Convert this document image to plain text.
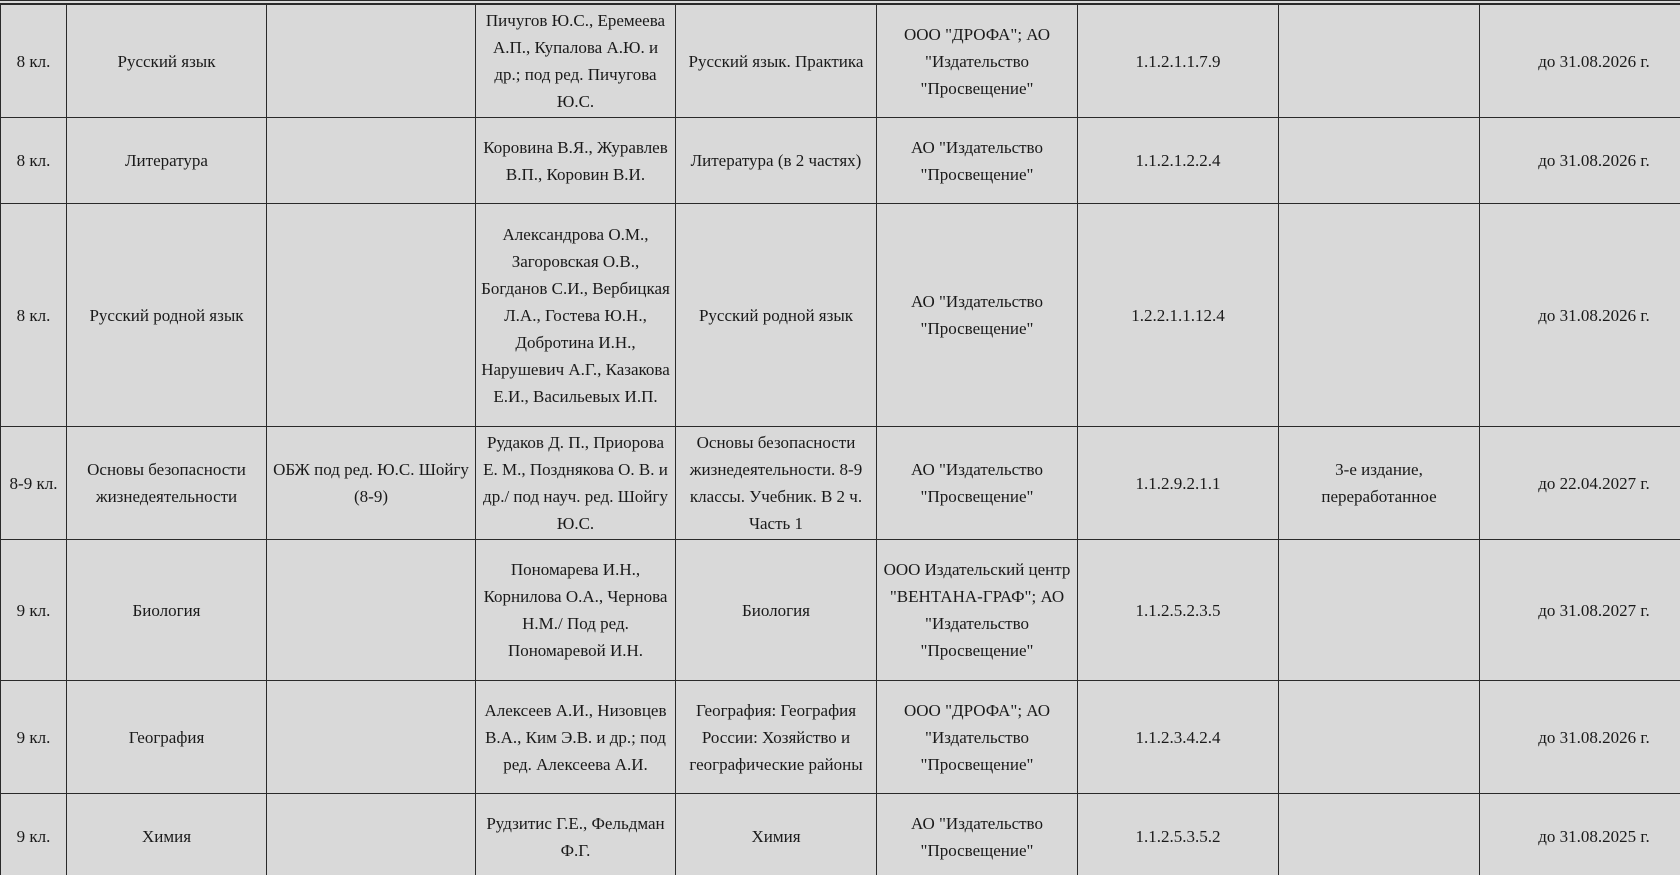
8 кл.	Русский язык		Пичугов Ю.С., Еремеева А.П., Купалова А.Ю. и др.; под ред. Пичугова Ю.С.	Русский язык. Практика	ООО "ДРОФА"; АО "Издательство "Просвещение"	1.1.2.1.1.7.9		до 31.08.2026 г.
8 кл.	Литература		Коровина В.Я., Журавлев В.П., Коровин В.И.	Литература (в 2 частях)	АО "Издательство "Просвещение"	1.1.2.1.2.2.4		до 31.08.2026 г.
8 кл.	Русский родной язык		Александрова О.М., Загоровская О.В., Богданов С.И., Вербицкая Л.А., Гостева Ю.Н., Добротина И.Н., Нарушевич А.Г., Казакова Е.И., Васильевых И.П.	Русский родной язык	АО "Издательство "Просвещение"	1.2.2.1.1.12.4		до 31.08.2026 г.
8-9 кл.	Основы безопасности жизнедеятельности	ОБЖ под ред. Ю.С. Шойгу (8-9)	Рудаков Д. П., Приорова Е. М., Позднякова О. В. и др./ под науч. ред. Шойгу Ю.С.	Основы безопасности жизнедеятельности. 8-9 классы. Учебник. В 2 ч. Часть 1	АО "Издательство "Просвещение"	1.1.2.9.2.1.1	3-е издание, переработанное	до 22.04.2027 г.
9 кл.	Биология		Пономарева И.Н., Корнилова О.А., Чернова Н.М./ Под ред. Пономаревой И.Н.	Биология	ООО Издательский центр "ВЕНТАНА-ГРАФ"; АО "Издательство "Просвещение"	1.1.2.5.2.3.5		до 31.08.2027 г.
9 кл.	География		Алексеев А.И., Низовцев В.А., Ким Э.В. и др.; под ред. Алексеева А.И.	География: География России: Хозяйство и географические районы	ООО "ДРОФА"; АО "Издательство "Просвещение"	1.1.2.3.4.2.4		до 31.08.2026 г.
9 кл.	Химия		Рудзитис Г.Е., Фельдман Ф.Г.	Химия	АО "Издательство "Просвещение"	1.1.2.5.3.5.2		до 31.08.2025 г.
